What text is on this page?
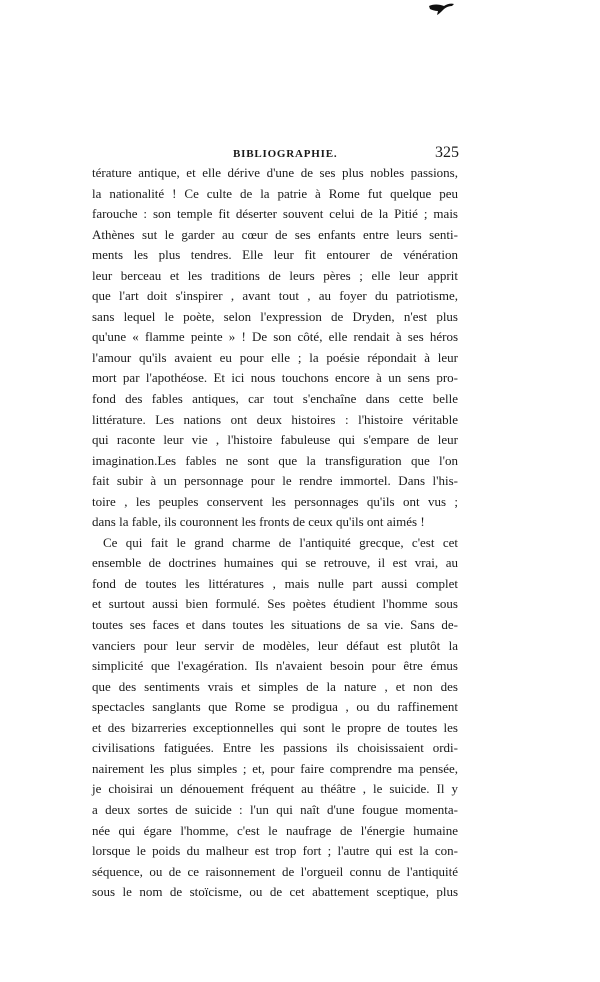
BIBLIOGRAPHIE.	325
térature antique, et elle dérive d'une de ses plus nobles passions,
la nationalité ! Ce culte de la patrie à Rome fut quelque peu
farouche : son temple fit déserter souvent celui de la Pitié ; mais
Athènes sut le garder au cœur de ses enfants entre leurs senti-
ments les plus tendres. Elle leur fit entourer de vénération
leur berceau et les traditions de leurs pères ; elle leur apprit
que l'art doit s'inspirer , avant tout , au foyer du patriotisme,
sans lequel le poète, selon l'expression de Dryden, n'est plus
qu'une « flamme peinte » ! De son côté, elle rendait à ses héros
l'amour qu'ils avaient eu pour elle ; la poésie répondait à leur
mort par l'apothéose. Et ici nous touchons encore à un sens pro-
fond des fables antiques, car tout s'enchaîne dans cette belle
littérature. Les nations ont deux histoires : l'histoire véritable
qui raconte leur vie , l'histoire fabuleuse qui s'empare de leur
imagination.Les fables ne sont que la transfiguration que l'on
fait subir à un personnage pour le rendre immortel. Dans l'his-
toire , les peuples conservent les personnages qu'ils ont vus ;
dans la fable, ils couronnent les fronts de ceux qu'ils ont aimés !
Ce qui fait le grand charme de l'antiquité grecque, c'est cet
ensemble de doctrines humaines qui se retrouve, il est vrai, au
fond de toutes les littératures , mais nulle part aussi complet
et surtout aussi bien formulé. Ses poètes étudient l'homme sous
toutes ses faces et dans toutes les situations de sa vie. Sans de-
vanciers pour leur servir de modèles, leur défaut est plutôt la
simplicité que l'exagération. Ils n'avaient besoin pour être émus
que des sentiments vrais et simples de la nature , et non des
spectacles sanglants que Rome se prodigua , ou du raffinement
et des bizarreries exceptionnelles qui sont le propre de toutes les
civilisations fatiguées. Entre les passions ils choisissaient ordi-
nairement les plus simples ; et, pour faire comprendre ma pensée,
je choisirai un dénouement fréquent au théâtre , le suicide. Il y
a deux sortes de suicide : l'un qui naît d'une fougue momenta-
née qui égare l'homme, c'est le naufrage de l'énergie humaine
lorsque le poids du malheur est trop fort ; l'autre qui est la con-
séquence, ou de ce raisonnement de l'orgueil connu de l'antiquité
sous le nom de stoïcisme, ou de cet abattement sceptique, plus
